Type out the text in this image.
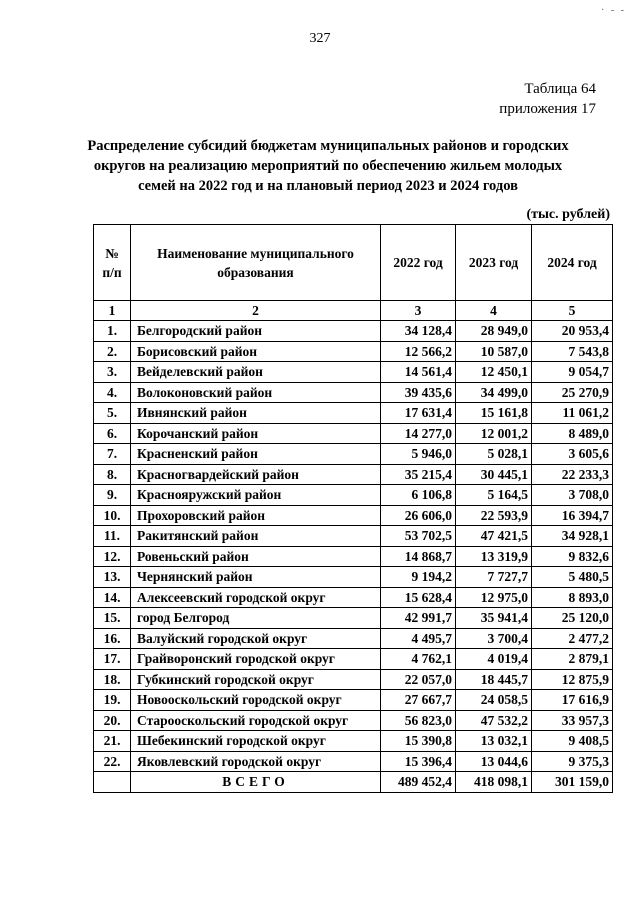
· - -
327
Таблица 64
приложения 17
Распределение субсидий бюджетам муниципальных районов и городских округов на реализацию мероприятий по обеспечению жильем молодых семей на 2022 год и на плановый период 2023 и 2024 годов
(тыс. рублей)
№ п/п	Наименование муниципального образования	2022 год	2023 год	2024 год
1	2	3	4	5
1.	Белгородский район	34 128,4	28 949,0	20 953,4
2.	Борисовский район	12 566,2	10 587,0	7 543,8
3.	Вейделевский район	14 561,4	12 450,1	9 054,7
4.	Волоконовский район	39 435,6	34 499,0	25 270,9
5.	Ивнянский район	17 631,4	15 161,8	11 061,2
6.	Корочанский район	14 277,0	12 001,2	8 489,0
7.	Красненский район	5 946,0	5 028,1	3 605,6
8.	Красногвардейский район	35 215,4	30 445,1	22 233,3
9.	Краснояружский район	6 106,8	5 164,5	3 708,0
10.	Прохоровский район	26 606,0	22 593,9	16 394,7
11.	Ракитянский район	53 702,5	47 421,5	34 928,1
12.	Ровеньский район	14 868,7	13 319,9	9 832,6
13.	Чернянский район	9 194,2	7 727,7	5 480,5
14.	Алексеевский городской округ	15 628,4	12 975,0	8 893,0
15.	город Белгород	42 991,7	35 941,4	25 120,0
16.	Валуйский городской округ	4 495,7	3 700,4	2 477,2
17.	Грайворонский городской округ	4 762,1	4 019,4	2 879,1
18.	Губкинский городской округ	22 057,0	18 445,7	12 875,9
19.	Новооскольский городской округ	27 667,7	24 058,5	17 616,9
20.	Старооскольский городской округ	56 823,0	47 532,2	33 957,3
21.	Шебекинский городской округ	15 390,8	13 032,1	9 408,5
22.	Яковлевский городской округ	15 396,4	13 044,6	9 375,3
	ВСЕГО	489 452,4	418 098,1	301 159,0
